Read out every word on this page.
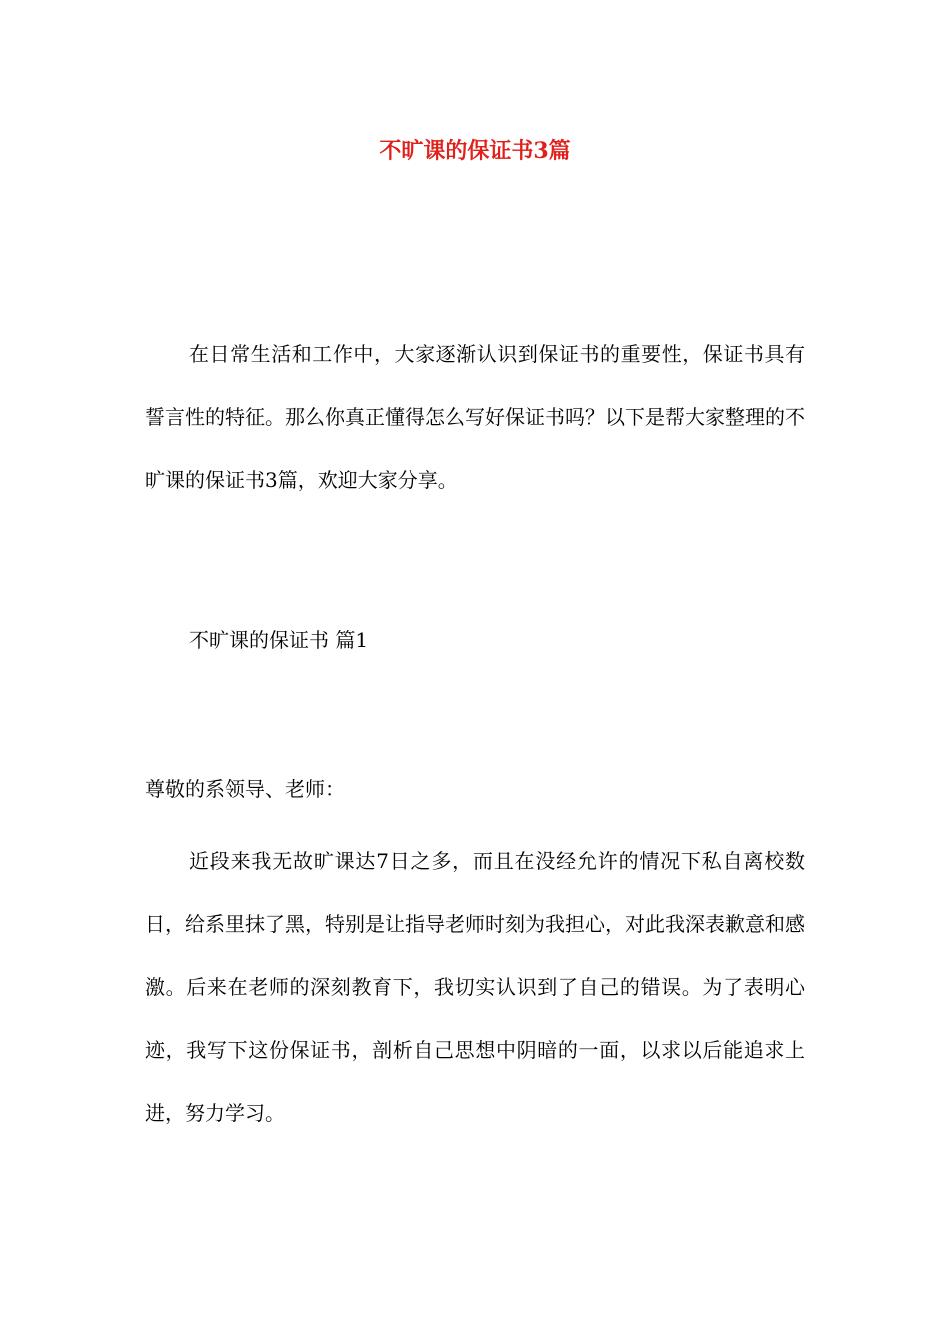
不旷课的保证书3篇
在日常生活和工作中，大家逐渐认识到保证书的重要性，保证书具有誓言性的特征。那么你真正懂得怎么写好保证书吗？以下是帮大家整理的不旷课的保证书3篇，欢迎大家分享。
不旷课的保证书 篇1
尊敬的系领导、老师：
近段来我无故旷课达7日之多，而且在没经允许的情况下私自离校数日，给系里抹了黑，特别是让指导老师时刻为我担心，对此我深表歉意和感激。后来在老师的深刻教育下，我切实认识到了自己的错误。为了表明心迹，我写下这份保证书，剖析自己思想中阴暗的一面，以求以后能追求上进，努力学习。
